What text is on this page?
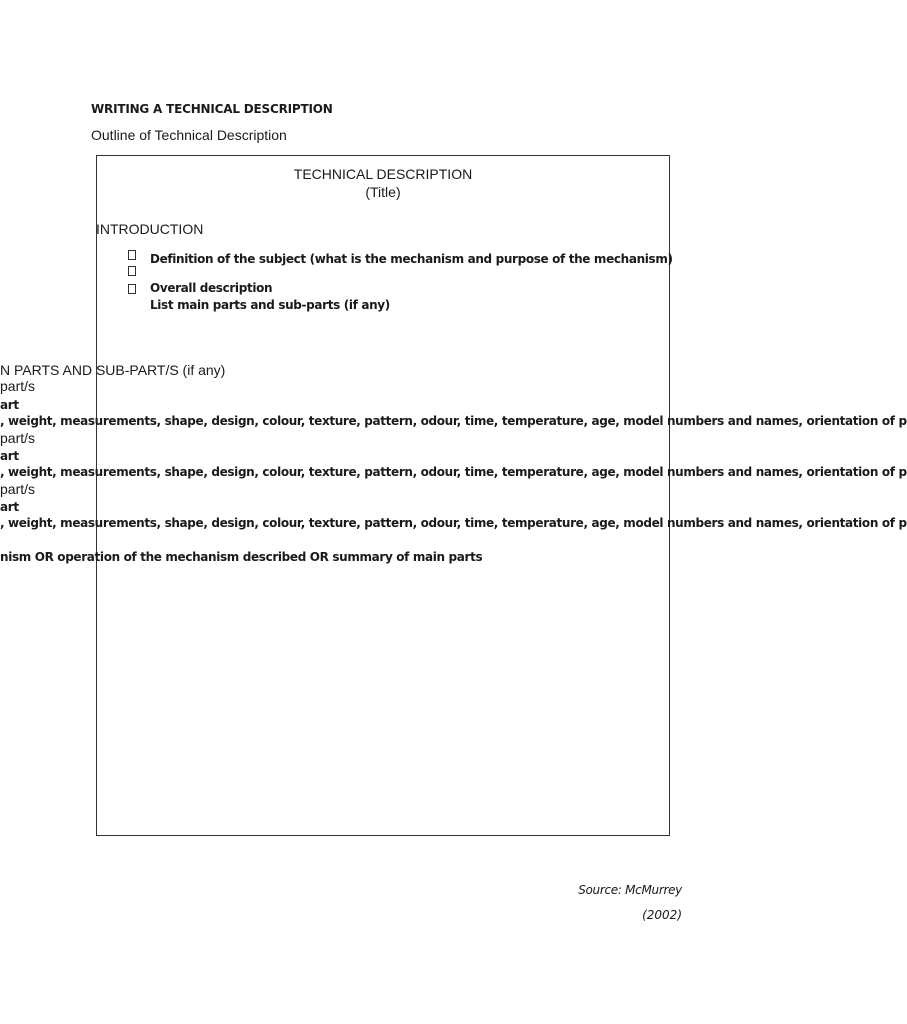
WRITING A TECHNICAL DESCRIPTION
Outline of Technical Description
TECHNICAL DESCRIPTION
(Title)
INTRODUCTION
Definition of the subject (what is the mechanism and purpose of the mechanism)
Overall description
List main parts and sub-parts (if any)
N PARTS AND SUB-PART/S (if any)
part/s
art
, weight, measurements, shape, design, colour, texture, pattern, odour, time, temperature, age, model numbers and names, orientation of p
part/s
art
, weight, measurements, shape, design, colour, texture, pattern, odour, time, temperature, age, model numbers and names, orientation of p
part/s
art
, weight, measurements, shape, design, colour, texture, pattern, odour, time, temperature, age, model numbers and names, orientation of p
nism OR operation of the mechanism described OR summary of main parts
Source: McMurrey
(2002)
